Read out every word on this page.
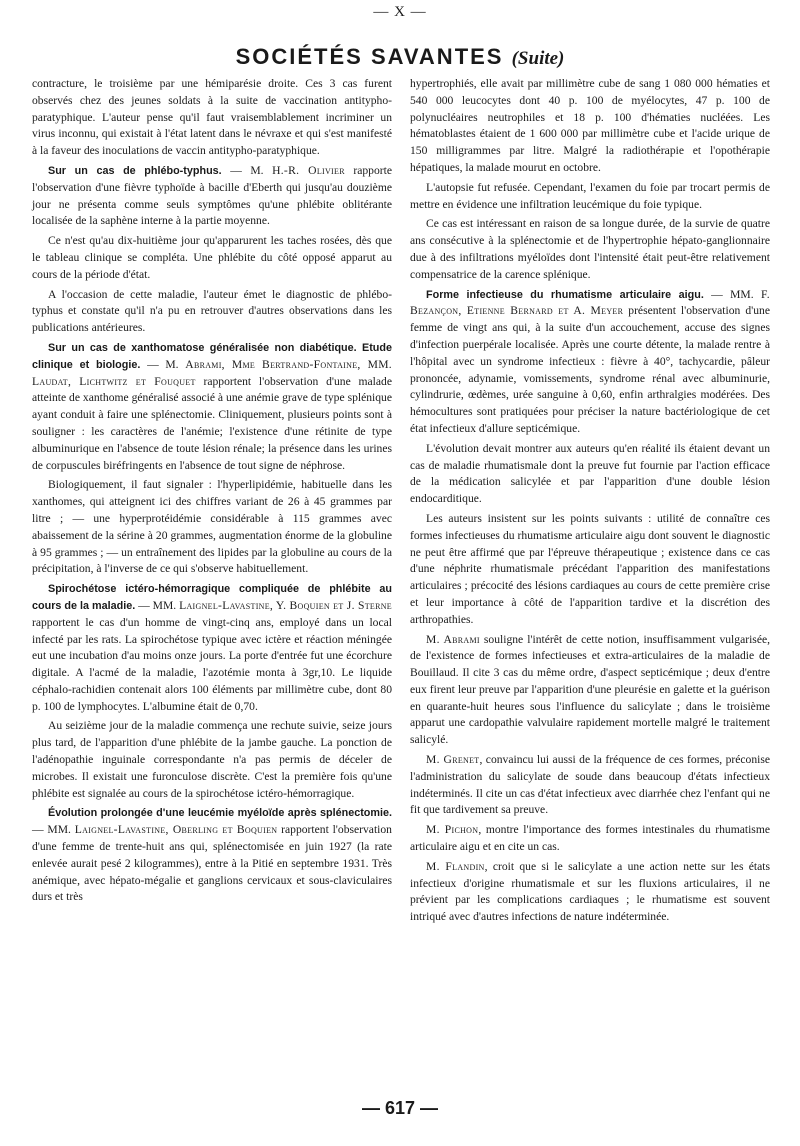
— X —
SOCIÉTÉS SAVANTES (Suite)

contracture, le troisième par une hémiparésie droite. Ces 3 cas furent observés chez des jeunes soldats à la suite de vaccination antitypho-paratyphique. L'auteur pense qu'il faut vraisemblablement incriminer un virus inconnu, qui existait à l'état latent dans le névraxe et qui s'est manifesté à la faveur des inoculations de vaccin antitypho-paratyphique.

Sur un cas de phlébo-typhus. — M. H.-R. Olivier rapporte l'observation d'une fièvre typhoïde à bacille d'Eberth qui jusqu'au douzième jour ne présenta comme seuls symptômes qu'une phlébite oblitérante localisée de la saphène interne à la partie moyenne.

Ce n'est qu'au dix-huitième jour qu'apparurent les taches rosées, dès que le tableau clinique se compléta. Une phlébite du côté opposé apparut au cours de la période d'état.

A l'occasion de cette maladie, l'auteur émet le diagnostic de phlébo-typhus et constate qu'il n'a pu en retrouver d'autres observations dans les publications antérieures.

Sur un cas de xanthomatose généralisée non diabétique. Etude clinique et biologie. — M. Abrami, Mme Bertrand-Fontaine, MM. Laudat, Lichtwitz et Fouquet rapportent l'observation d'une malade atteinte de xanthome généralisé associé à une anémie grave de type splénique ayant conduit à faire une splénectomie. Cliniquement, plusieurs points sont à souligner : les caractères de l'anémie; l'existence d'une rétinite de type albuminurique en l'absence de toute lésion rénale; la présence dans les urines de corpuscules biréfringents en l'absence de tout signe de néphrose.

Biologiquement, il faut signaler : l'hyperlipidémie, habituelle dans les xanthomes, qui atteignent ici des chiffres variant de 26 à 45 grammes par litre ; — une hyperprotéidémie considérable à 115 grammes avec abaissement de la sérine à 20 grammes, augmentation énorme de la globuline à 95 grammes ; — un entraînement des lipides par la globuline au cours de la précipitation, à l'inverse de ce qui s'observe habituellement.

Spirochétose ictéro-hémorragique compliquée de phlébite au cours de la maladie. — MM. Laignel-Lavastine, Y. Boquien et J. Sterne rapportent le cas d'un homme de vingt-cinq ans, employé dans un local infecté par les rats. La spirochétose typique avec ictère et réaction méningée eut une incubation d'au moins onze jours. La porte d'entrée fut une écorchure digitale. A l'acmé de la maladie, l'azotémie monta à 3gr,10. Le liquide céphalo-rachidien contenait alors 100 éléments par millimètre cube, dont 80 p. 100 de lymphocytes. L'albumine était de 0,70.

Au seizième jour de la maladie commença une rechute suivie, seize jours plus tard, de l'apparition d'une phlébite de la jambe gauche. La ponction de l'adénopathie inguinale correspondante n'a pas permis de déceler de microbes. Il existait une furonculose discrète. C'est la première fois qu'une phlébite est signalée au cours de la spirochétose ictéro-hémorragique.

Évolution prolongée d'une leucémie myéloïde après splénectomie. — MM. Laignel-Lavastine, Oberling et Boquien rapportent l'observation d'une femme de trente-huit ans qui, splénectomisée en juin 1927 (la rate enlevée aurait pesé 2 kilogrammes), entre à la Pitié en septembre 1931. Très anémique, avec hépato-mégalie et ganglions cervicaux et sous-claviculaires durs et très

hypertrophiés, elle avait par millimètre cube de sang 1 080 000 hématies et 540 000 leucocytes dont 40 p. 100 de myélocytes, 47 p. 100 de polynucléaires neutrophiles et 18 p. 100 d'hématies nucléées. Les hématoblastes étaient de 1 600 000 par millimètre cube et l'acide urique de 150 milligrammes par litre. Malgré la radiothérapie et l'opothérapie hépatiques, la malade mourut en octobre.

L'autopsie fut refusée. Cependant, l'examen du foie par trocart permis de mettre en évidence une infiltration leucémique du foie typique.

Ce cas est intéressant en raison de sa longue durée, de la survie de quatre ans consécutive à la splénectomie et de l'hypertrophie hépato-ganglionnaire due à des infiltrations myéloïdes dont l'intensité était peut-être relativement compensatrice de la carence splénique.

Forme infectieuse du rhumatisme articulaire aigu. — MM. F. Bezançon, Etienne Bernard et A. Meyer présentent l'observation d'une femme de vingt ans qui, à la suite d'un accouchement, accuse des signes d'infection puerpérale localisée. Après une courte détente, la malade rentre à l'hôpital avec un syndrome infectieux : fièvre à 40°, tachycardie, pâleur prononcée, adynamie, vomissements, syndrome rénal avec albuminurie, cylindrurie, œdèmes, urée sanguine à 0,60, enfin arthralgies modérées. Des hémocultures sont pratiquées pour préciser la nature bactériologique de cet état infectieux d'allure septicémique.

L'évolution devait montrer aux auteurs qu'en réalité ils étaient devant un cas de maladie rhumatismale dont la preuve fut fournie par l'action efficace de la médication salicylée et par l'apparition d'une double lésion endocarditique.

Les auteurs insistent sur les points suivants : utilité de connaître ces formes infectieuses du rhumatisme articulaire aigu dont souvent le diagnostic ne peut être affirmé que par l'épreuve thérapeutique ; existence dans ce cas d'une néphrite rhumatismale précédant l'apparition des manifestations articulaires ; précocité des lésions cardiaques au cours de cette première crise et leur importance à côté de l'apparition tardive et la discrétion des arthropathies.

M. Abrami souligne l'intérêt de cette notion, insuffisamment vulgarisée, de l'existence de formes infectieuses et extra-articulaires de la maladie de Bouillaud. Il cite 3 cas du même ordre, d'aspect septicémique ; deux d'entre eux firent leur preuve par l'apparition d'une pleurésie en galette et la guérison en quarante-huit heures sous l'influence du salicylate ; dans le troisième apparut une cardopathie valvulaire rapidement mortelle malgré le traitement salicylé.

M. Grenet, convaincu lui aussi de la fréquence de ces formes, préconise l'administration du salicylate de soude dans beaucoup d'états infectieux indéterminés. Il cite un cas d'état infectieux avec diarrhée chez l'enfant qui ne fit que tardivement sa preuve.

M. Pichon, montre l'importance des formes intestinales du rhumatisme articulaire aigu et en cite un cas.

M. Flandin, croit que si le salicylate a une action nette sur les états infectieux d'origine rhumatismale et sur les fluxions articulaires, il ne prévient par les complications cardiaques ; le rhumatisme est souvent intriqué avec d'autres infections de nature indéterminée.

— 617 —
